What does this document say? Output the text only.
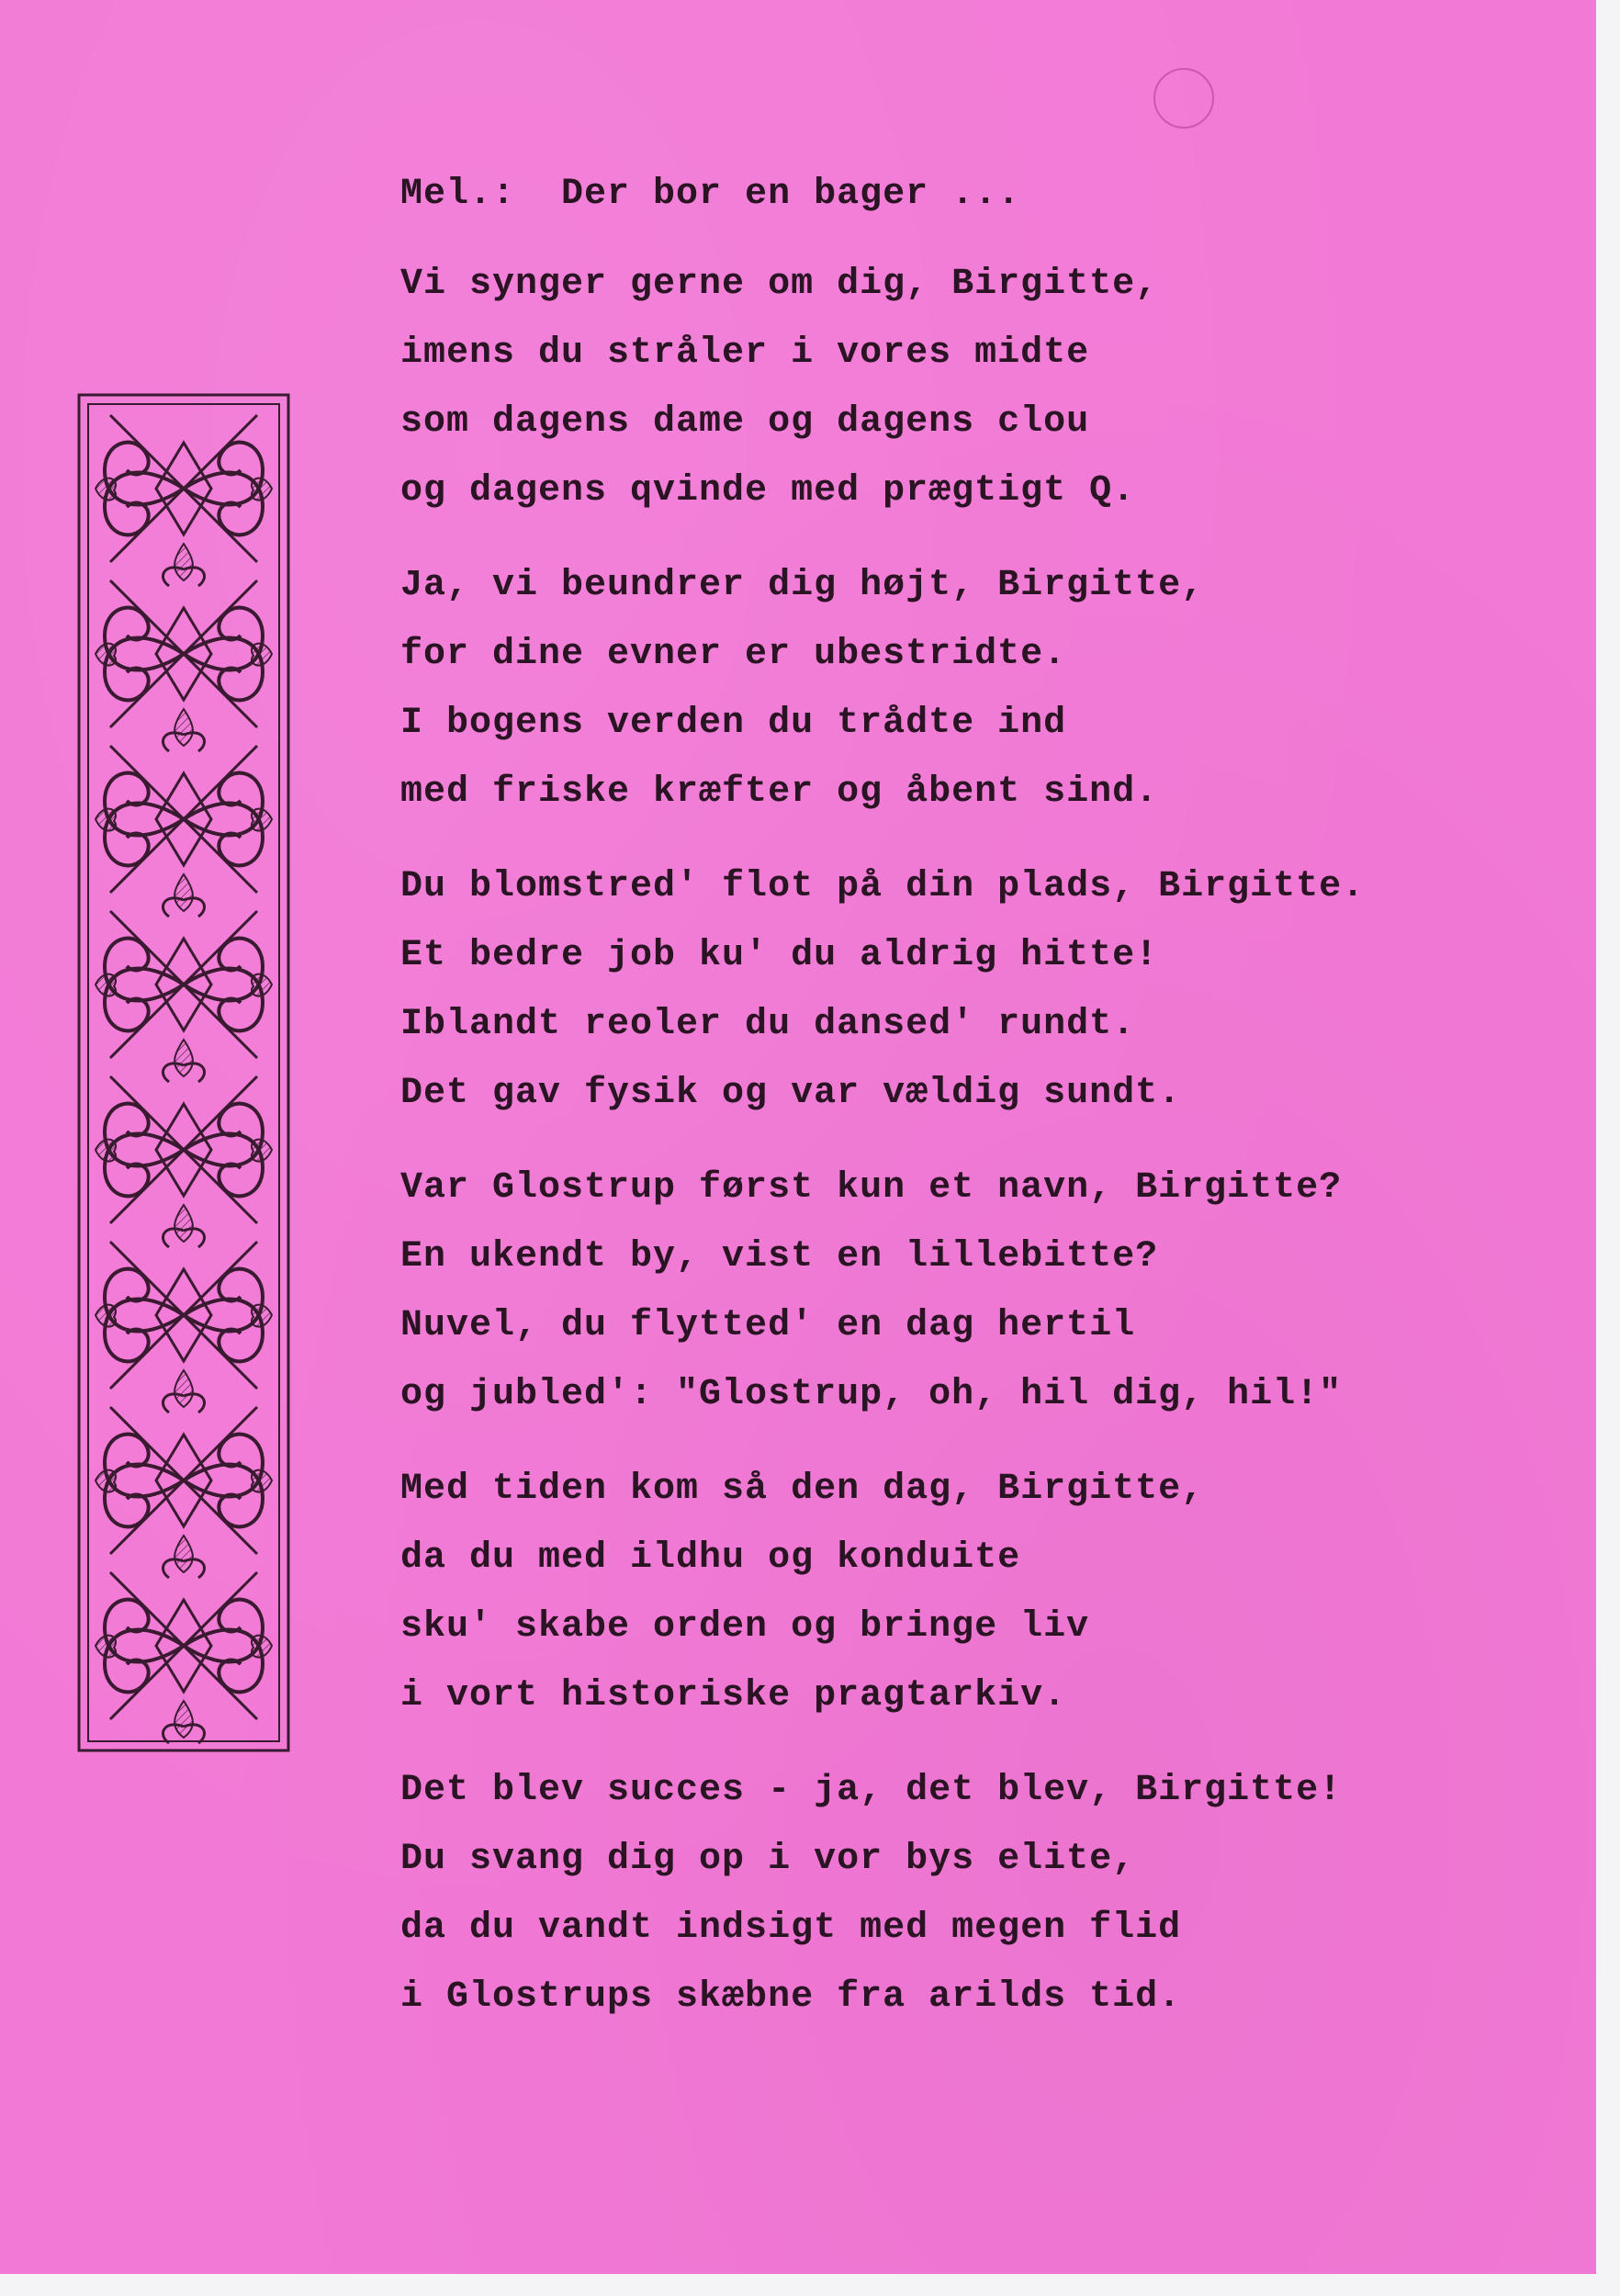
Mel.:  Der bor en bager ...
Vi synger gerne om dig, Birgitte,
imens du stråler i vores midte
som dagens dame og dagens clou
og dagens qvinde med prægtigt Q.
Ja, vi beundrer dig højt, Birgitte,
for dine evner er ubestridte.
I bogens verden du trådte ind
med friske kræfter og åbent sind.
Du blomstred' flot på din plads, Birgitte.
Et bedre job ku' du aldrig hitte!
Iblandt reoler du dansed' rundt.
Det gav fysik og var vældig sundt.
Var Glostrup først kun et navn, Birgitte?
En ukendt by, vist en lillebitte?
Nuvel, du flytted' en dag hertil
og jubled': "Glostrup, oh, hil dig, hil!"
Med tiden kom så den dag, Birgitte,
da du med ildhu og konduite
sku' skabe orden og bringe liv
i vort historiske pragtarkiv.
Det blev succes - ja, det blev, Birgitte!
Du svang dig op i vor bys elite,
da du vandt indsigt med megen flid
i Glostrups skæbne fra arilds tid.
